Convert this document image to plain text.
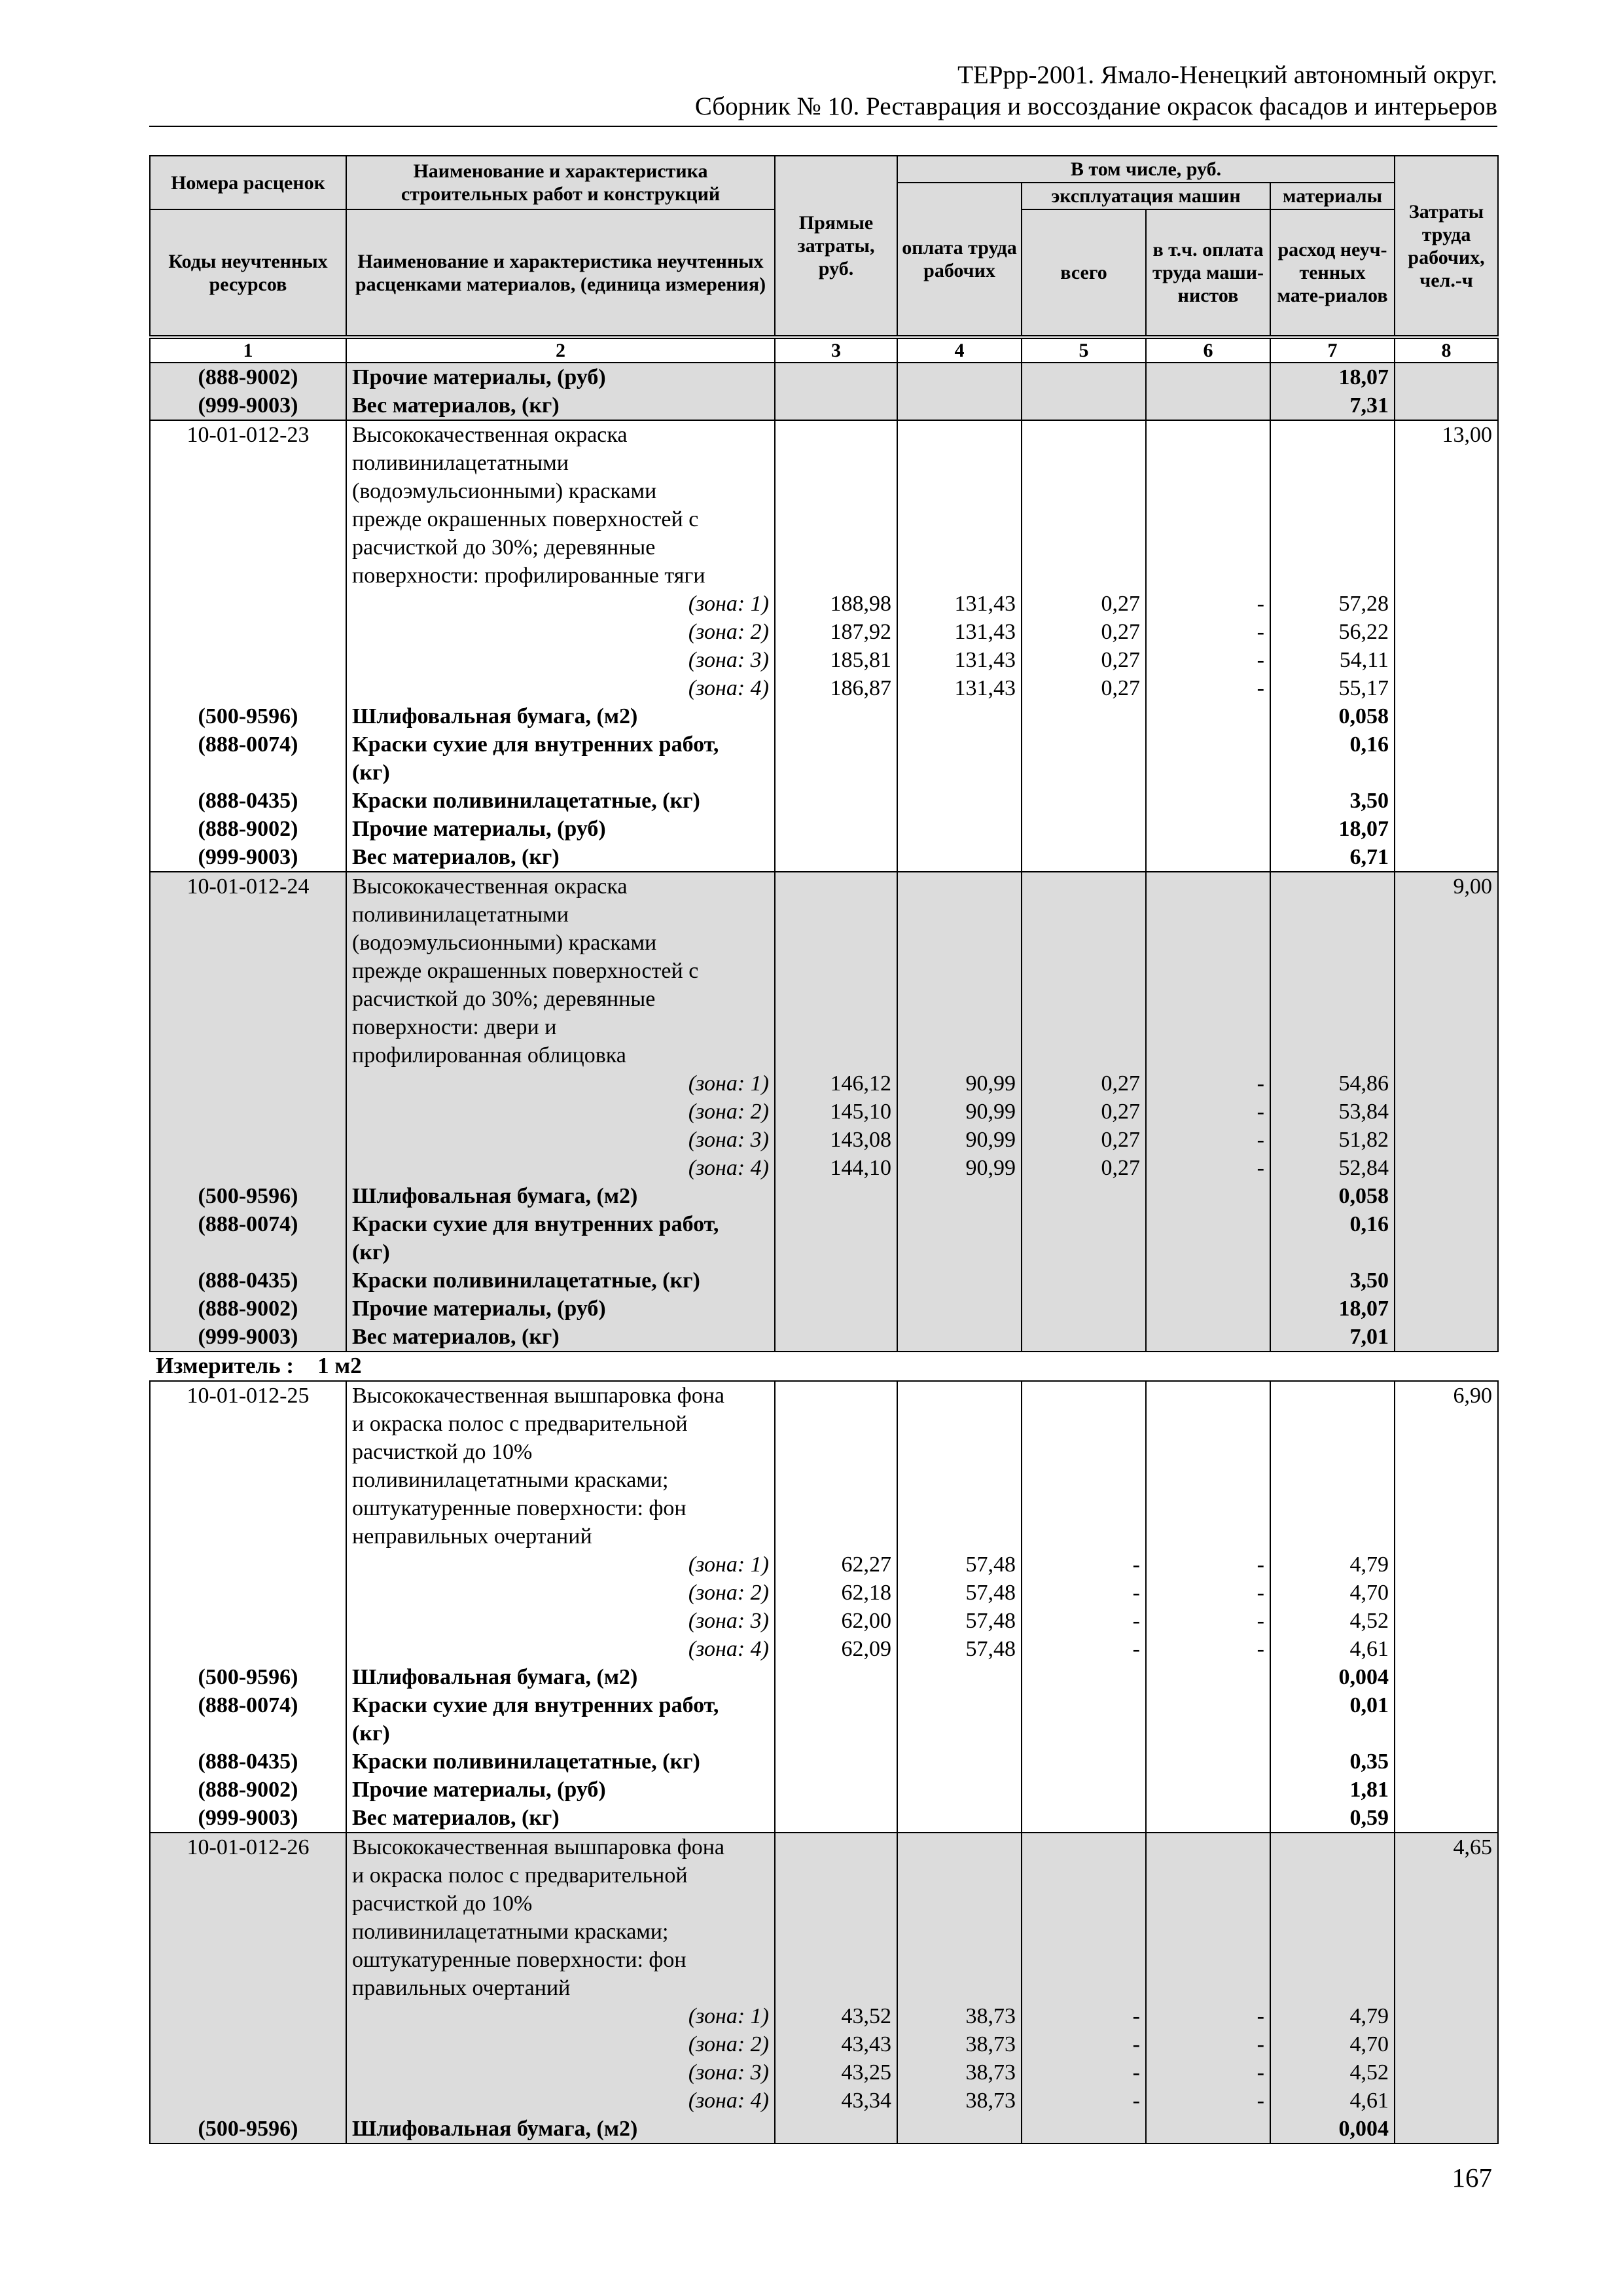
ТЕРрр-2001. Ямало-Ненецкий автономный округ.
Сборник № 10. Реставрация и воссоздание окрасок фасадов и интерьеров
Номера расценок	Наименование и характеристика строительных работ и конструкций	Прямые затраты, руб.	В том числе, руб.				Затраты труда рабочих, чел.-ч
			оплата труда рабочих	эксплуатация машин		материалы	
Коды неучтенных ресурсов	Наименование и характеристика неучтенных расценками материалов, (единица измерения)			всего	в т.ч. оплата труда маши-нистов	расход неуч-тенных мате-риалов	
1	2	3	4	5	6	7	8
(888-9002)	Прочие материалы, (руб)					18,07	
(999-9003)	Вес материалов, (кг)					7,31	
10-01-012-23	Высококачественная окраска						13,00
	поливинилацетатными						
	(водоэмульсионными) красками						
	прежде окрашенных поверхностей с						
	расчисткой до 30%; деревянные						
	поверхности: профилированные тяги						
	(зона: 1)	188,98	131,43	0,27	-	57,28	
	(зона: 2)	187,92	131,43	0,27	-	56,22	
	(зона: 3)	185,81	131,43	0,27	-	54,11	
	(зона: 4)	186,87	131,43	0,27	-	55,17	
(500-9596)	Шлифовальная бумага, (м2)					0,058	
(888-0074)	Краски сухие для внутренних работ,					0,16	
	(кг)						
(888-0435)	Краски поливинилацетатные, (кг)					3,50	
(888-9002)	Прочие материалы, (руб)					18,07	
(999-9003)	Вес материалов, (кг)					6,71	
10-01-012-24	Высококачественная окраска						9,00
	поливинилацетатными						
	(водоэмульсионными) красками						
	прежде окрашенных поверхностей с						
	расчисткой до 30%; деревянные						
	поверхности: двери и						
	профилированная облицовка						
	(зона: 1)	146,12	90,99	0,27	-	54,86	
	(зона: 2)	145,10	90,99	0,27	-	53,84	
	(зона: 3)	143,08	90,99	0,27	-	51,82	
	(зона: 4)	144,10	90,99	0,27	-	52,84	
(500-9596)	Шлифовальная бумага, (м2)					0,058	
(888-0074)	Краски сухие для внутренних работ,					0,16	
	(кг)						
(888-0435)	Краски поливинилацетатные, (кг)					3,50	
(888-9002)	Прочие материалы, (руб)					18,07	
(999-9003)	Вес материалов, (кг)					7,01	
Измеритель : 1 м2
10-01-012-25	Высококачественная вышпаровка фона						6,90
	и окраска полос с предварительной						
	расчисткой до 10%						
	поливинилацетатными красками;						
	оштукатуренные поверхности: фон						
	неправильных очертаний						
	(зона: 1)	62,27	57,48	-	-	4,79	
	(зона: 2)	62,18	57,48	-	-	4,70	
	(зона: 3)	62,00	57,48	-	-	4,52	
	(зона: 4)	62,09	57,48	-	-	4,61	
(500-9596)	Шлифовальная бумага, (м2)					0,004	
(888-0074)	Краски сухие для внутренних работ,					0,01	
	(кг)						
(888-0435)	Краски поливинилацетатные, (кг)					0,35	
(888-9002)	Прочие материалы, (руб)					1,81	
(999-9003)	Вес материалов, (кг)					0,59	
10-01-012-26	Высококачественная вышпаровка фона						4,65
	и окраска полос с предварительной						
	расчисткой до 10%						
	поливинилацетатными красками;						
	оштукатуренные поверхности: фон						
	правильных очертаний						
	(зона: 1)	43,52	38,73	-	-	4,79	
	(зона: 2)	43,43	38,73	-	-	4,70	
	(зона: 3)	43,25	38,73	-	-	4,52	
	(зона: 4)	43,34	38,73	-	-	4,61	
(500-9596)	Шлифовальная бумага, (м2)					0,004	
167
